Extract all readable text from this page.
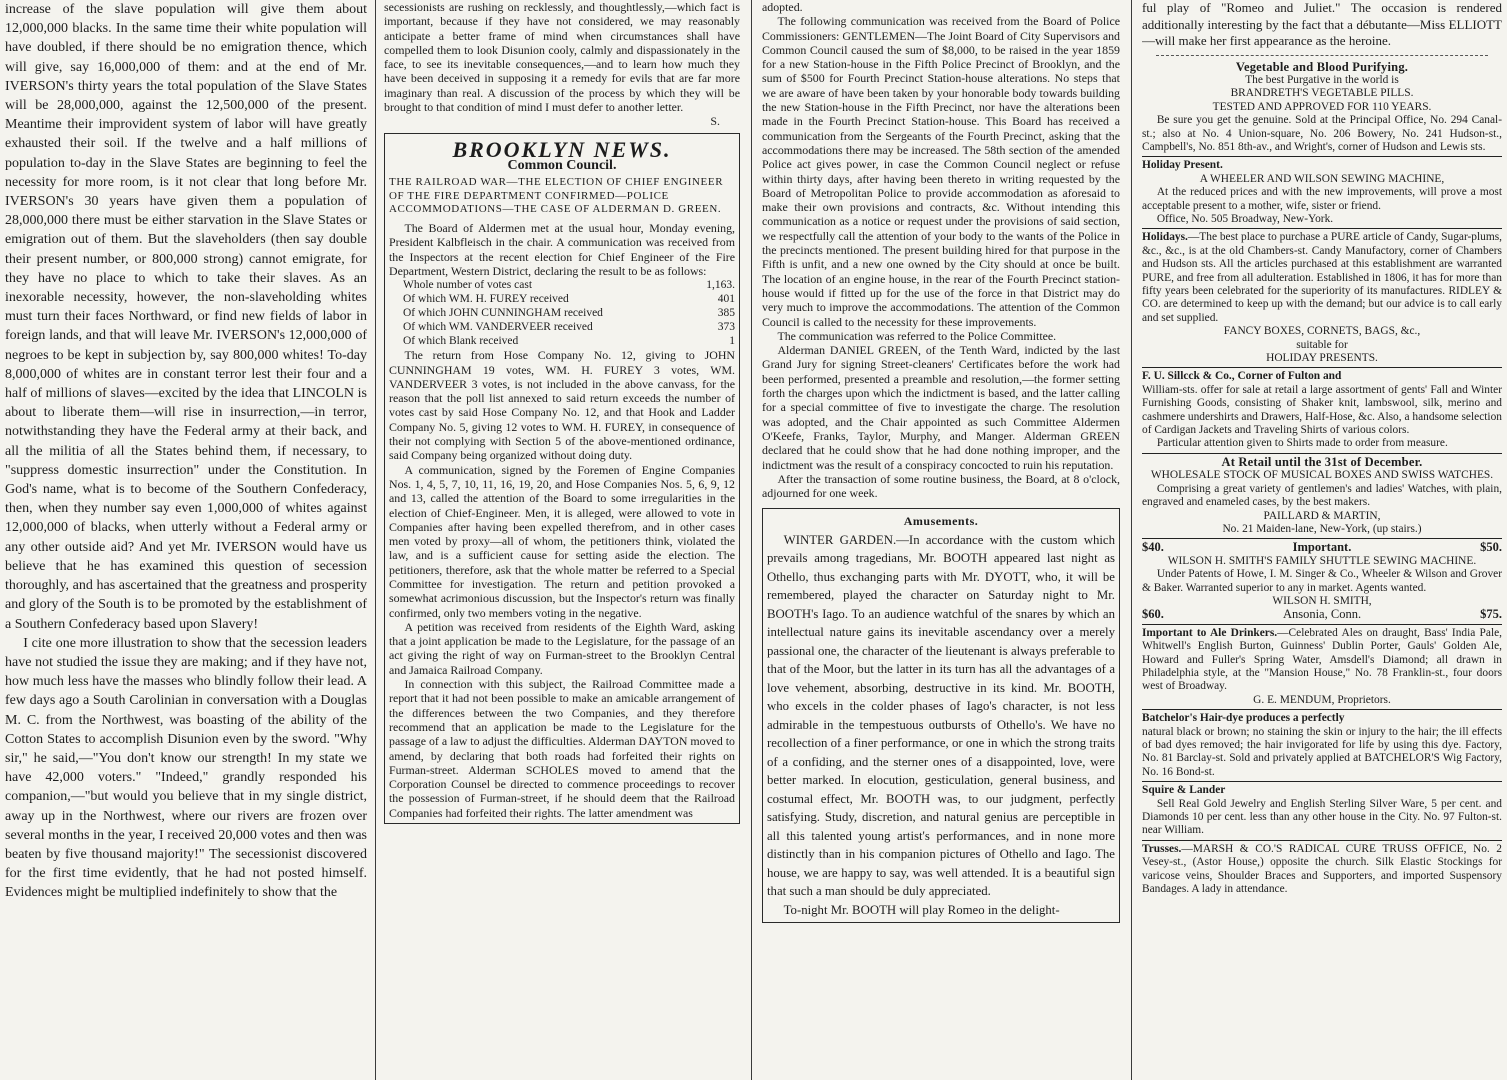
increase of the slave population will give them about 12,000,000 blacks. In the same time their white population will have doubled, if there should be no emigration thence, which will give, say 16,000,000 of them: and at the end of Mr. IVERSON's thirty years the total population of the Slave States will be 28,000,000, against the 12,500,000 of the present. Meantime their improvident system of labor will have greatly exhausted their soil. If the twelve and a half millions of population to-day in the Slave States are beginning to feel the necessity for more room, is it not clear that long before Mr. IVERSON's 30 years have given them a population of 28,000,000 there must be either starvation in the Slave States or emigration out of them. But the slaveholders (then say double their present number, or 800,000 strong) cannot emigrate, for they have no place to which to take their slaves. As an inexorable necessity, however, the non-slaveholding whites must turn their faces Northward, or find new fields of labor in foreign lands, and that will leave Mr. IVERSON's 12,000,000 of negroes to be kept in subjection by, say 800,000 whites! To-day 8,000,000 of whites are in constant terror lest their four and a half of millions of slaves—excited by the idea that LINCOLN is about to liberate them—will rise in insurrection,—in terror, notwithstanding they have the Federal army at their back, and all the militia of all the States behind them, if necessary, to "suppress domestic insurrection" under the Constitution. In God's name, what is to become of the Southern Confederacy, then, when they number say even 1,000,000 of whites against 12,000,000 of blacks, when utterly without a Federal army or any other outside aid? And yet Mr. IVERSON would have us believe that he has examined this question of secession thoroughly, and has ascertained that the greatness and prosperity and glory of the South is to be promoted by the establishment of a Southern Confederacy based upon Slavery!

I cite one more illustration to show that the secession leaders have not studied the issue they are making; and if they have not, how much less have the masses who blindly follow their lead. A few days ago a South Carolinian in conversation with a Douglas M. C. from the Northwest, was boasting of the ability of the Cotton States to accomplish Disunion even by the sword. "Why sir," he said,—"You don't know our strength! In my state we have 42,000 voters." "Indeed," grandly responded his companion,—"but would you believe that in my single district, away up in the Northwest, where our rivers are frozen over several months in the year, I received 20,000 votes and then was beaten by five thousand majority!" The secessionist discovered for the first time evidently, that he had not posted himself. Evidences might be multiplied indefinitely to show that the

secessionists are rushing on recklessly, and thoughtlessly,—which fact is important, because if they have not considered, we may reasonably anticipate a better frame of mind when circumstances shall have compelled them to look Disunion cooly, calmly and dispassionately in the face, to see its inevitable consequences,—and to learn how much they have been deceived in supposing it a remedy for evils that are far more imaginary than real. A discussion of the process by which they will be brought to that condition of mind I must defer to another letter.

S.

BROOKLYN NEWS.
Common Council.
THE RAILROAD WAR—THE ELECTION OF CHIEF ENGINEER OF THE FIRE DEPARTMENT CONFIRMED—POLICE ACCOMMODATIONS—THE CASE OF ALDERMAN D. GREEN.

The Board of Aldermen met at the usual hour, Monday evening, President Kalbfleisch in the chair. A communication was received from the Inspectors at the recent election for Chief Engineer of the Fire Department, Western District, declaring the result to be as follows:

Whole number of votes cast	1,163.
Of which WM. H. FUREY received	401
Of which JOHN CUNNINGHAM received	385
Of which WM. VANDERVEER received	373
Of which Blank received	1

The return from Hose Company No. 12, giving to JOHN CUNNINGHAM 19 votes, WM. H. FUREY 3 votes, WM. VANDERVEER 3 votes, is not included in the above canvass, for the reason that the poll list annexed to said return exceeds the number of votes cast by said Hose Company No. 12, and that Hook and Ladder Company No. 5, giving 12 votes to WM. H. FUREY, in consequence of their not complying with Section 5 of the above-mentioned ordinance, said Company being organized without doing duty.

A communication, signed by the Foremen of Engine Companies Nos. 1, 4, 5, 7, 10, 11, 16, 19, 20, and Hose Companies Nos. 5, 6, 9, 12 and 13, called the attention of the Board to some irregularities in the election of Chief-Engineer. Men, it is alleged, were allowed to vote in Companies after having been expelled therefrom, and in other cases men voted by proxy—all of whom, the petitioners think, violated the law, and is a sufficient cause for setting aside the election. The petitioners, therefore, ask that the whole matter be referred to a Special Committee for investigation. The return and petition provoked a somewhat acrimonious discussion, but the Inspector's return was finally confirmed, only two members voting in the negative.

A petition was received from residents of the Eighth Ward, asking that a joint application be made to the Legislature, for the passage of an act giving the right of way on Furman-street to the Brooklyn Central and Jamaica Railroad Company.

In connection with this subject, the Railroad Committee made a report that it had not been possible to make an amicable arrangement of the differences between the two Companies, and they therefore recommend that an application be made to the Legislature for the passage of a law to adjust the difficulties. Alderman DAYTON moved to amend, by declaring that both roads had forfeited their rights on Furman-street. Alderman SCHOLES moved to amend that the Corporation Counsel be directed to commence proceedings to recover the possession of Furman-street, if he should deem that the Railroad Companies had forfeited their rights. The latter amendment was

adopted.

The following communication was received from the Board of Police Commissioners: GENTLEMEN—The Joint Board of City Supervisors and Common Council caused the sum of $8,000, to be raised in the year 1859 for a new Station-house in the Fifth Police Precinct of Brooklyn, and the sum of $500 for Fourth Precinct Station-house alterations. No steps that we are aware of have been taken by your honorable body towards building the new Station-house in the Fifth Precinct, nor have the alterations been made in the Fourth Precinct Station-house. This Board has received a communication from the Sergeants of the Fourth Precinct, asking that the accommodations there may be increased. The 58th section of the amended Police act gives power, in case the Common Council neglect or refuse within thirty days, after having been thereto in writing requested by the Board of Metropolitan Police to provide accommodation as aforesaid to make their own provisions and contracts, &c. Without intending this communication as a notice or request under the provisions of said section, we respectfully call the attention of your body to the wants of the Police in the precincts mentioned. The present building hired for that purpose in the Fifth is unfit, and a new one owned by the City should at once be built. The location of an engine house, in the rear of the Fourth Precinct station-house would if fitted up for the use of the force in that District may do very much to improve the accommodations. The attention of the Common Council is called to the necessity for these improvements.

The communication was referred to the Police Committee.

Alderman DANIEL GREEN, of the Tenth Ward, indicted by the last Grand Jury for signing Street-cleaners' Certificates before the work had been performed, presented a preamble and resolution,—the former setting forth the charges upon which the indictment is based, and the latter calling for a special committee of five to investigate the charge. The resolution was adopted, and the Chair appointed as such Committee Aldermen O'Keefe, Franks, Taylor, Murphy, and Manger. Alderman GREEN declared that he could show that he had done nothing improper, and the indictment was the result of a conspiracy concocted to ruin his reputation.

After the transaction of some routine business, the Board, at 8 o'clock, adjourned for one week.

Amusements.

WINTER GARDEN.—In accordance with the custom which prevails among tragedians, Mr. BOOTH appeared last night as Othello, thus exchanging parts with Mr. DYOTT, who, it will be remembered, played the character on Saturday night to Mr. BOOTH's Iago. To an audience watchful of the snares by which an intellectual nature gains its inevitable ascendancy over a merely passional one, the character of the lieutenant is always preferable to that of the Moor, but the latter in its turn has all the advantages of a love vehement, absorbing, destructive in its kind. Mr. BOOTH, who excels in the colder phases of Iago's character, is not less admirable in the tempestuous outbursts of Othello's. We have no recollection of a finer performance, or one in which the strong traits of a confiding, and the sterner ones of a disappointed, love, were better marked. In elocution, gesticulation, general business, and costumal effect, Mr. BOOTH was, to our judgment, perfectly satisfying. Study, discretion, and natural genius are perceptible in all this talented young artist's performances, and in none more distinctly than in his companion pictures of Othello and Iago. The house, we are happy to say, was well attended. It is a beautiful sign that such a man should be duly appreciated.

To-night Mr. BOOTH will play Romeo in the delight-

ful play of "Romeo and Juliet." The occasion is rendered additionally interesting by the fact that a débutante—Miss ELLIOTT—will make her first appearance as the heroine.

Vegetable and Blood Purifying.

The best Purgative in the world is

BRANDRETH'S VEGETABLE PILLS.

TESTED AND APPROVED FOR 110 YEARS.

Be sure you get the genuine. Sold at the Principal Office, No. 294 Canal-st.; also at No. 4 Union-square, No. 206 Bowery, No. 241 Hudson-st., Campbell's, No. 851 8th-av., and Wright's, corner of Hudson and Lewis sts.

Holiday Present.

A WHEELER AND WILSON SEWING MACHINE,

At the reduced prices and with the new improvements, will prove a most acceptable present to a mother, wife, sister or friend.

Office, No. 505 Broadway, New-York.

Holidays.—The best place to purchase a PURE article of Candy, Sugar-plums, &c., &c., is at the old Chambers-st. Candy Manufactory, corner of Chambers and Hudson sts. All the articles purchased at this establishment are warranted PURE, and free from all adulteration. Established in 1806, it has for more than fifty years been celebrated for the superiority of its manufactures. RIDLEY & CO. are determined to keep up with the demand; but our advice is to call early and set supplied.

FANCY BOXES, CORNETS, BAGS, &c.,

suitable for

HOLIDAY PRESENTS.

F. U. Sillcck & Co., Corner of Fulton and

William-sts. offer for sale at retail a large assortment of gents' Fall and Winter Furnishing Goods, consisting of Shaker knit, lambswool, silk, merino and cashmere undershirts and Drawers, Half-Hose, &c. Also, a handsome selection of Cardigan Jackets and Traveling Shirts of various colors.

Particular attention given to Shirts made to order from measure.

At Retail until the 31st of December.

WHOLESALE STOCK OF MUSICAL BOXES AND SWISS WATCHES.

Comprising a great variety of gentlemen's and ladies' Watches, with plain, engraved and enameled cases, by the best makers.

PAILLARD & MARTIN,

No. 21 Maiden-lane, New-York, (up stairs.)

$40.	Important.	$50.

WILSON H. SMITH'S FAMILY SHUTTLE SEWING MACHINE.

Under Patents of Howe, I. M. Singer & Co., Wheeler & Wilson and Grover & Baker. Warranted superior to any in market. Agents wanted.

WILSON H. SMITH,

$60.	Ansonia, Conn.	$75.

Important to Ale Drinkers.—Celebrated Ales on draught, Bass' India Pale, Whitwell's English Burton, Guinness' Dublin Porter, Gauls' Golden Ale, Howard and Fuller's Spring Water, Amsdell's Diamond; all drawn in Philadelphia style, at the "Mansion House," No. 78 Franklin-st., four doors west of Broadway.

G. E. MENDUM, Proprietors.

Batchelor's Hair-dye produces a perfectly

natural black or brown; no staining the skin or injury to the hair; the ill effects of bad dyes removed; the hair invigorated for life by using this dye. Factory, No. 81 Barclay-st. Sold and privately applied at BATCHELOR'S Wig Factory, No. 16 Bond-st.

Squire & Lander

Sell Real Gold Jewelry and English Sterling Silver Ware, 5 per cent. and Diamonds 10 per cent. less than any other house in the City. No. 97 Fulton-st. near William.

Trusses.—MARSH & CO.'S RADICAL CURE TRUSS OFFICE, No. 2 Vesey-st., (Astor House,) opposite the church. Silk Elastic Stockings for varicose veins, Shoulder Braces and Supporters, and imported Suspensory Bandages. A lady in attendance.
